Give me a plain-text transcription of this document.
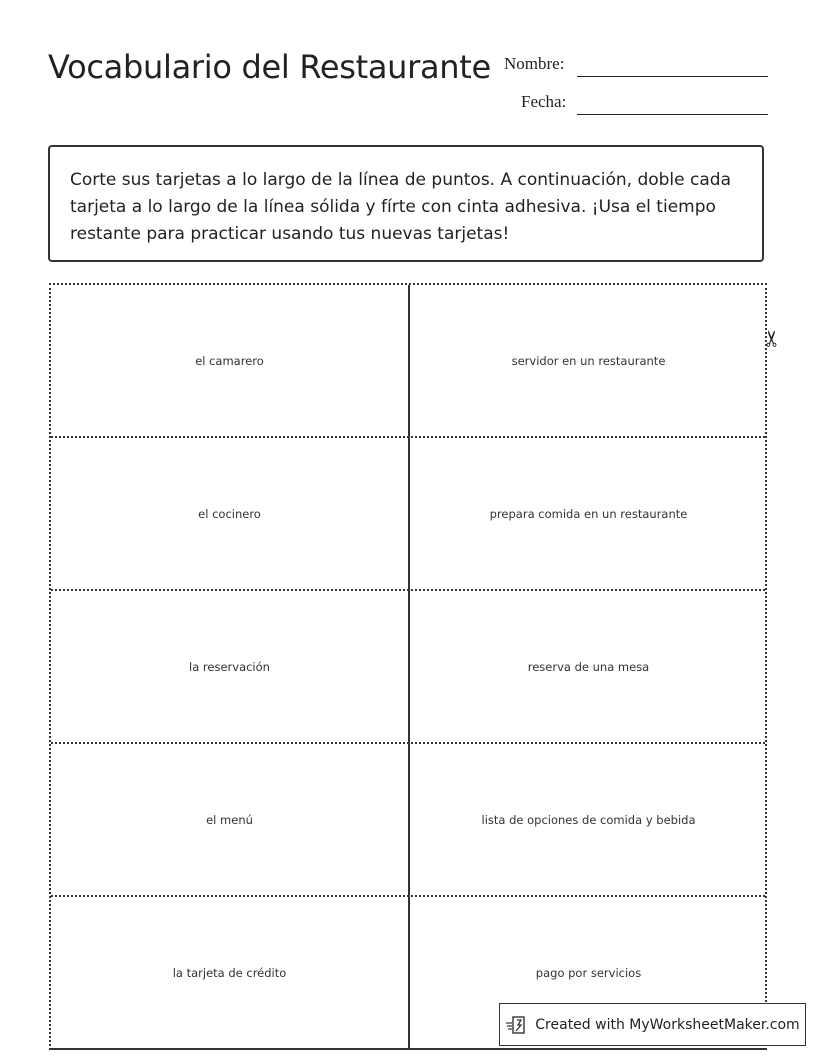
Vocabulario del Restaurante Nombre:
Fecha:
Corte sus tarjetas a lo largo de la línea de puntos. A continuación, doble cada tarjeta a lo largo de la línea sólida y fírte con cinta adhesiva. ¡Usa el tiempo restante para practicar usando tus nuevas tarjetas!
el camarero	servidor en un restaurante
el cocinero	prepara comida en un restaurante
la reservación	reserva de una mesa
el menú	lista de opciones de comida y bebida
la tarjeta de crédito	pago por servicios
✂
Created with MyWorksheetMaker.com
